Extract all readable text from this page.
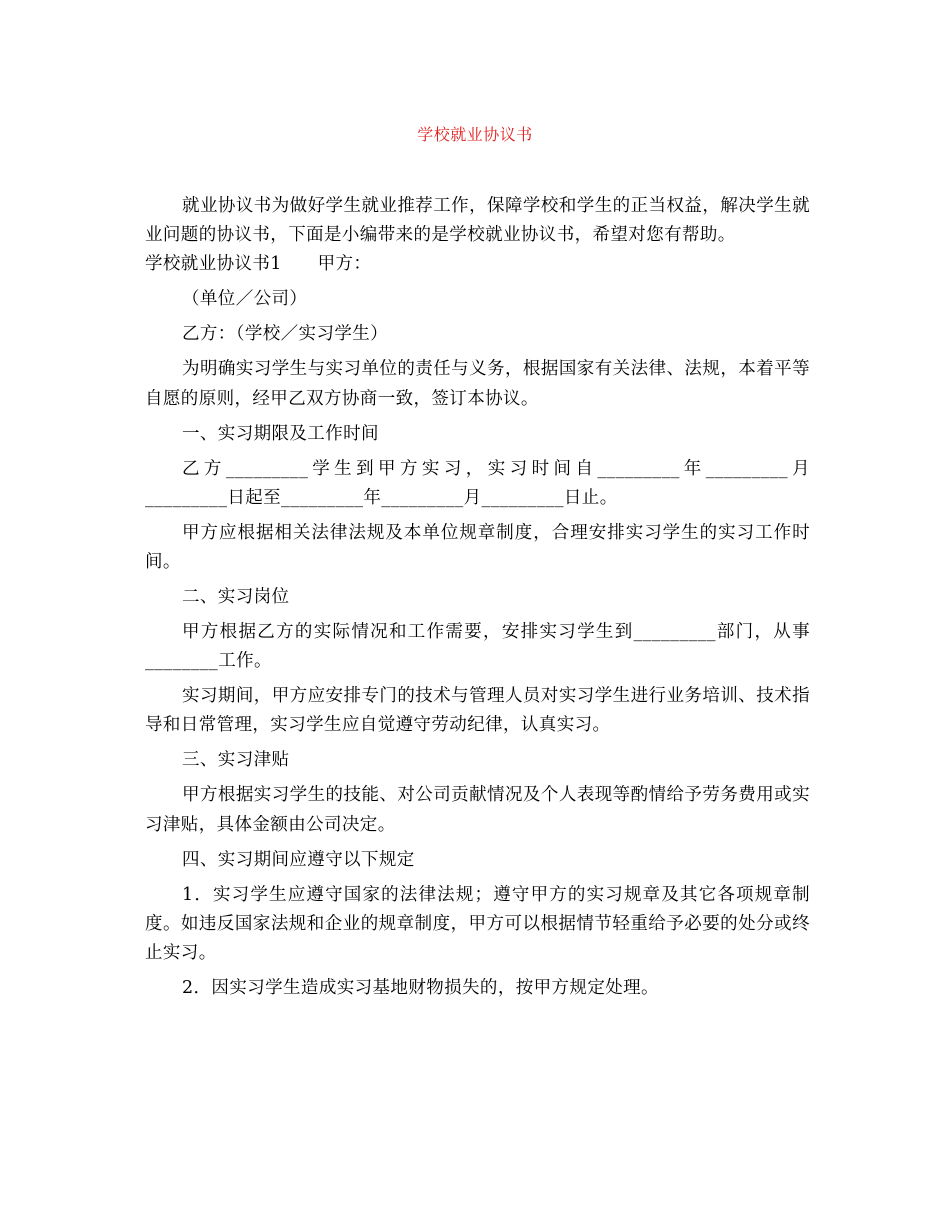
学校就业协议书

就业协议书为做好学生就业推荐工作，保障学校和学生的正当权益，解决学生就业问题的协议书，下面是小编带来的是学校就业协议书，希望对您有帮助。

学校就业协议书1　　甲方：

（单位／公司）

乙方：（学校／实习学生）

为明确实习学生与实习单位的责任与义务，根据国家有关法律、法规，本着平等自愿的原则，经甲乙双方协商一致，签订本协议。

一、实习期限及工作时间

乙方_________学生到甲方实习，实习时间自_________年_________月_________日起至_________年_________月_________日止。

甲方应根据相关法律法规及本单位规章制度，合理安排实习学生的实习工作时间。

二、实习岗位

甲方根据乙方的实际情况和工作需要，安排实习学生到_________部门，从事________工作。

实习期间，甲方应安排专门的技术与管理人员对实习学生进行业务培训、技术指导和日常管理，实习学生应自觉遵守劳动纪律，认真实习。

三、实习津贴

甲方根据实习学生的技能、对公司贡献情况及个人表现等酌情给予劳务费用或实习津贴，具体金额由公司决定。

四、实习期间应遵守以下规定

1．实习学生应遵守国家的法律法规；遵守甲方的实习规章及其它各项规章制度。如违反国家法规和企业的规章制度，甲方可以根据情节轻重给予必要的处分或终止实习。

2．因实习学生造成实习基地财物损失的，按甲方规定处理。
